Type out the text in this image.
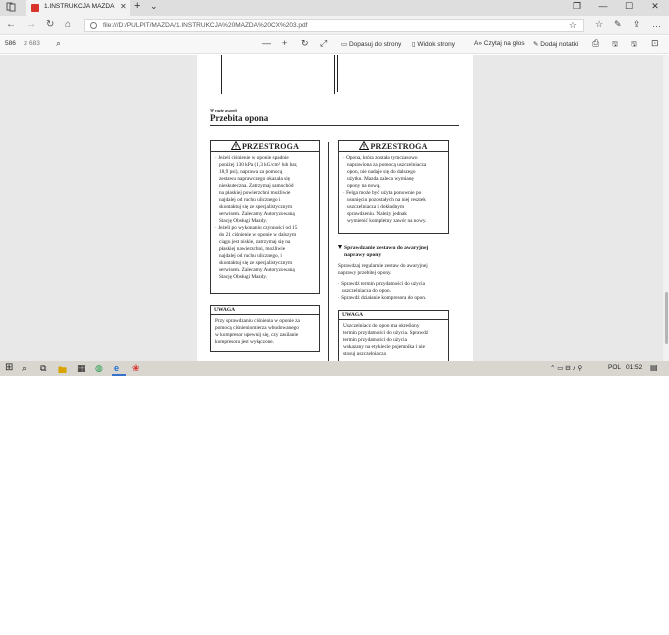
1.INSTRUKCJA MAZDA ✕ + ⌄	❐	—	☐	✕
← → ↻ ⌂	file:///D:/PULPIT/MAZDA/1.INSTRUKCJA%20MAZDA%20CX%203.pdf	☆ ☆ ✎ ⇪ …
586 z 683 ⌕	— + ↻ ⤢ ▭ Dopasuj do strony ▯ Widok strony	A» Czytaj na głos ✎ Dodaj notatki ⎙ 🖫 🖫 ⊡
W razie awarii
Przebita opona
PRZESTROGA
· Jeżeli ciśnienie w oponie spadnie
poniżej 130 kPa (1,3 kG/cm² lub bar,
18,9 psi), naprawa za pomocą
zestawu naprawczego okazała się
nieskuteczna. Zatrzymaj samochód
na płaskiej powierzchni możliwie
najdalej od ruchu ulicznego i
skontaktuj się ze specjalistycznym
serwisem. Zalecamy Autoryzowaną
Stację Obsługi Mazdy.
· Jeżeli po wykonaniu czynności od 15
do 21 ciśnienie w oponie w dalszym
ciągu jest niskie, zatrzymaj się na
płaskiej nawierzchni, możliwie
najdalej od ruchu ulicznego, i
skontaktuj się ze specjalistycznym
serwisem. Zalecamy Autoryzowaną
Stację Obsługi Mazdy.
UWAGA
Przy sprawdzaniu ciśnienia w oponie za
pomocą ciśnieniomierza wbudowanego
w kompresor upewnij się, czy zasilanie
kompresora jest wyłączone.
PRZESTROGA
· Opona, która została tymczasowo
naprawiona za pomocą uszczelniacza
opon, nie nadaje się do dalszego
użytku. Mazda zaleca wymianę
opony na nową.
· Felga może być użyta ponownie po
usunięciu pozostałych na niej resztek
uszczelniacza i dokładnym
sprawdzeniu. Należy jednak
wymienić kompletny zawór na nowy.
Sprawdzanie zestawu do awaryjnej
naprawy opony
Sprawdzaj regularnie zestaw do awaryjnej
naprawy przebitej opony.
· Sprawdź termin przydatności do użycia
uszczelniacza do opon.
· Sprawdź działanie kompresora do opon.
UWAGA
Uszczelniacz do opon ma określony
termin przydatności do użycia. Sprawdź
termin przydatności do użycia
wskazany na etykiecie pojemnika i nie
stosuj uszczelniacza
⊞ ⌕ ⧉ 🖿 ▦ ◍ e ❀	⌃ ▭ ⊟ ♪ ⚲	POL 01:52 ▤
